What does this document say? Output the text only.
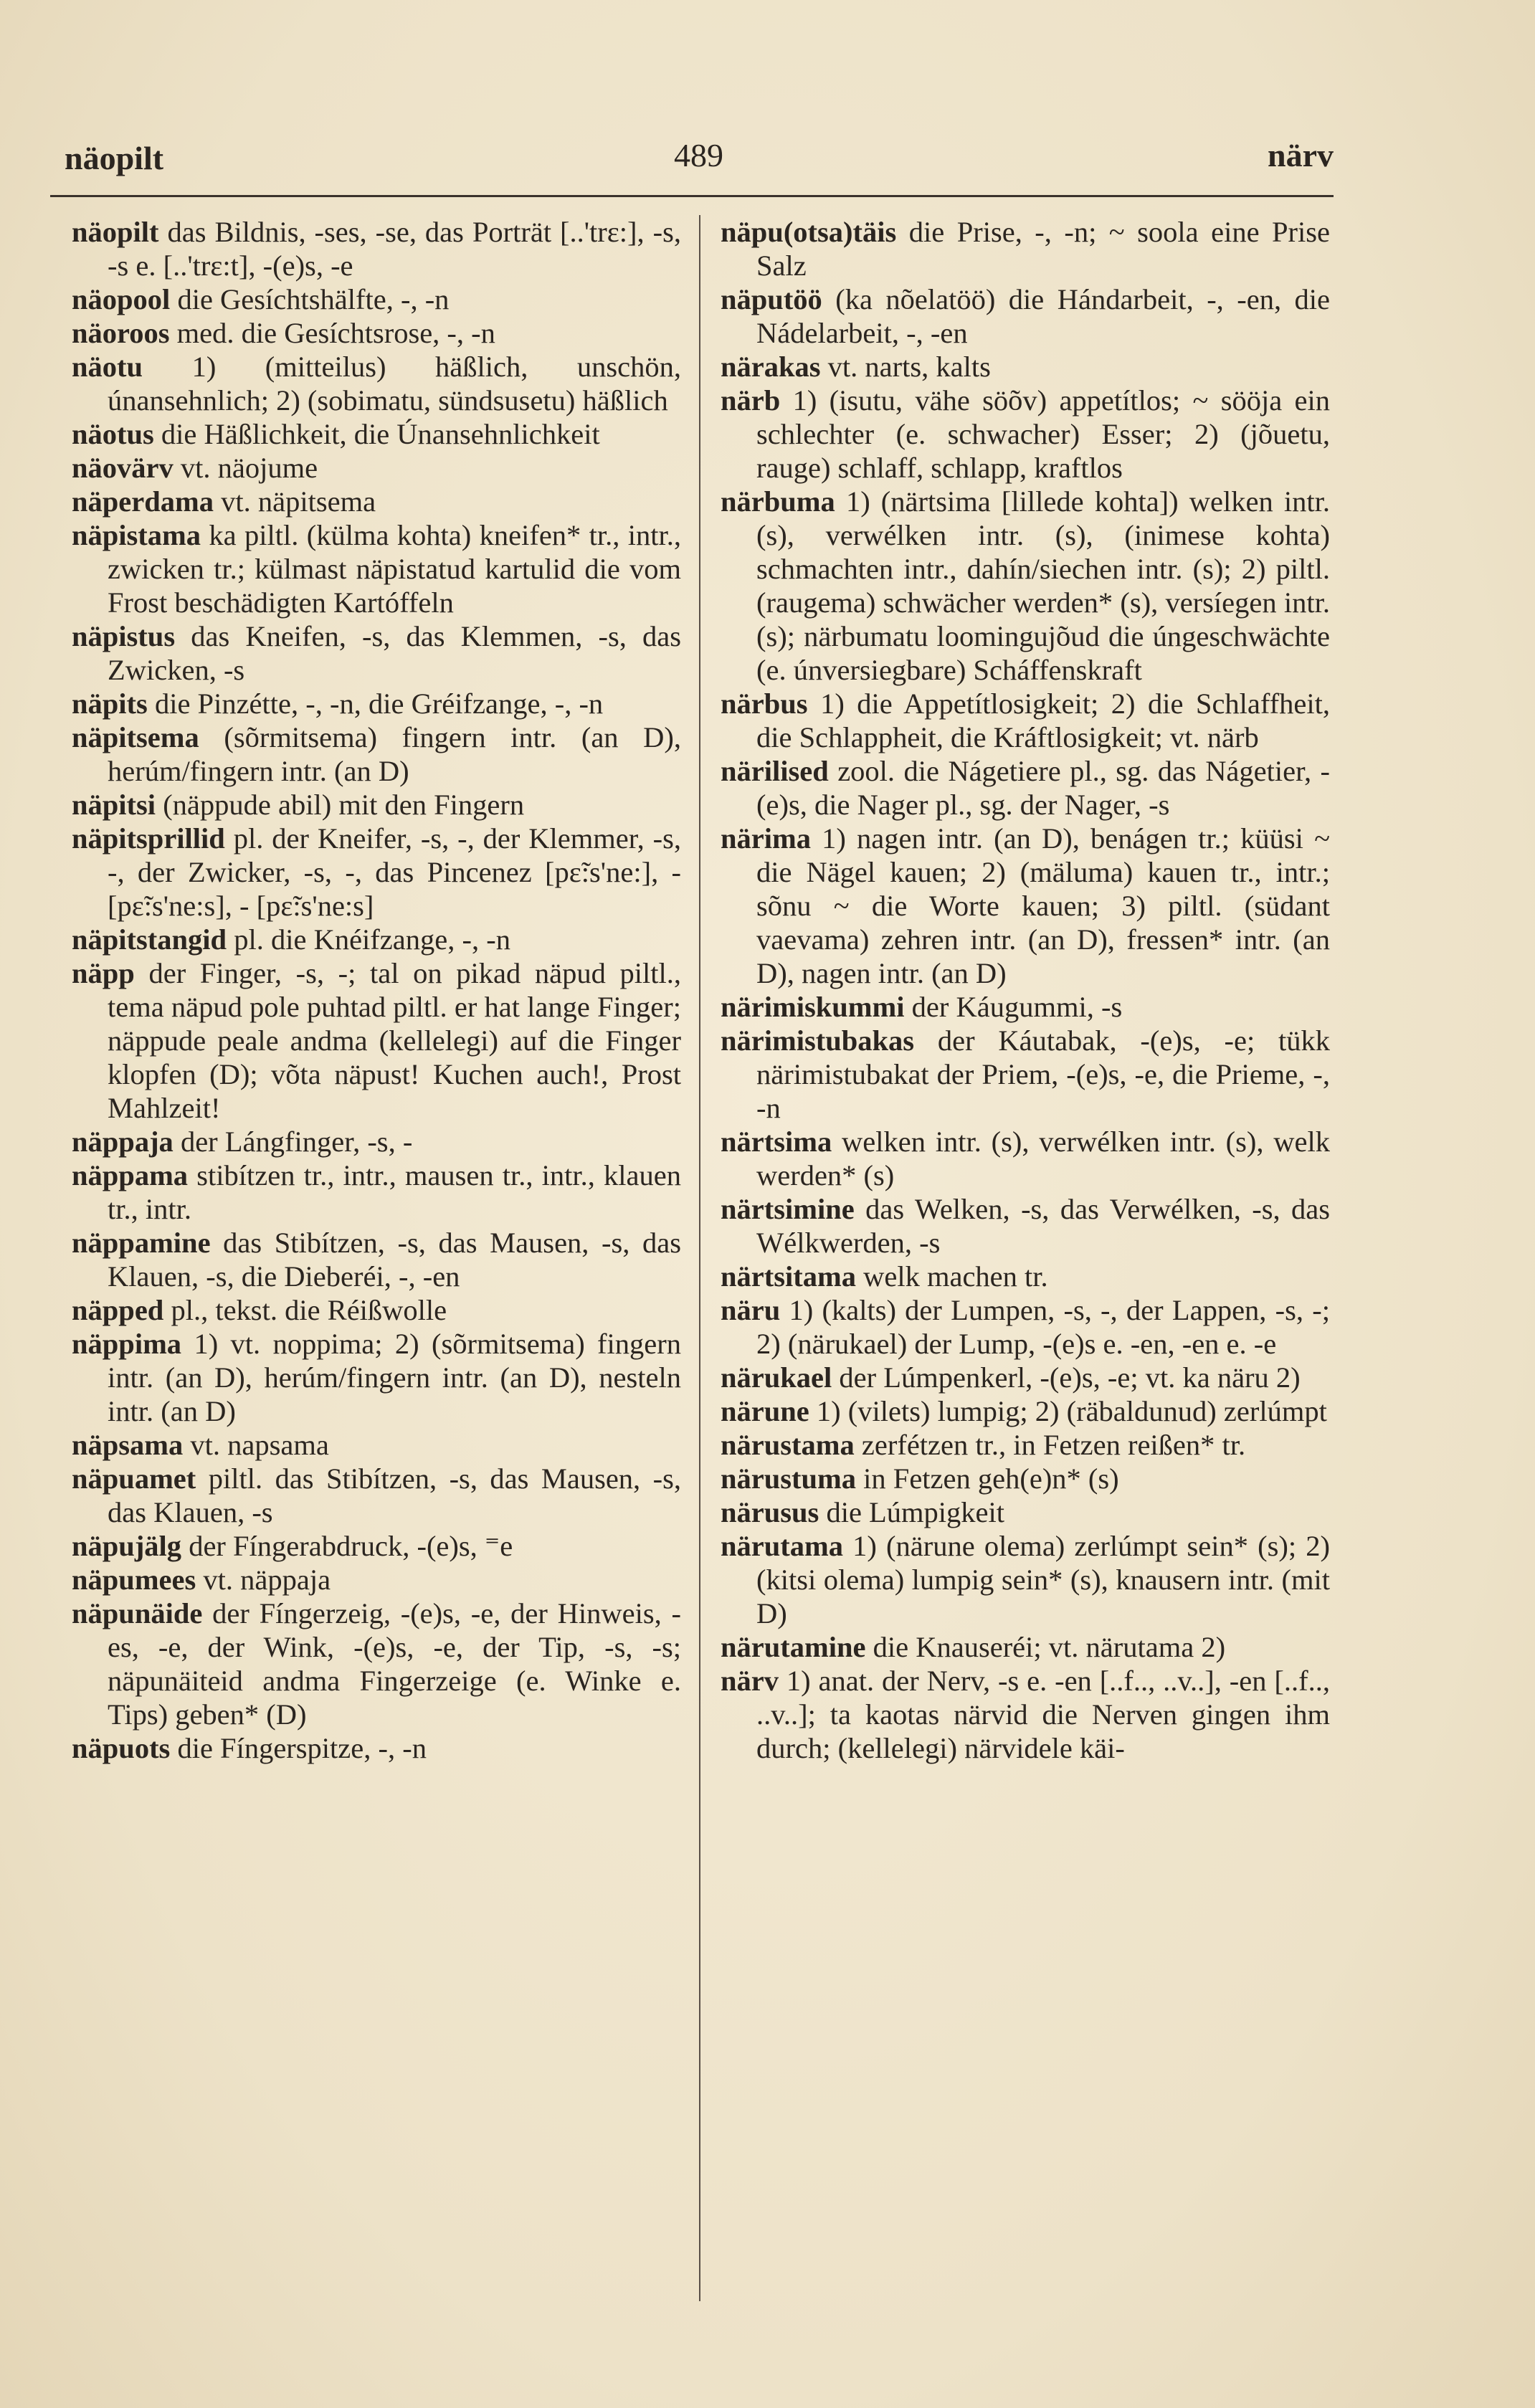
näopilt	489	närv

näopilt das Bildnis, -ses, -se, das Porträt [..'trɛ:], -s, -s e. [..'trɛ:t], -(e)s, -e

näopool die Gesíchtshälfte, -, -n

näoroos med. die Gesíchtsrose, -, -n

näotu 1) (mitteilus) häßlich, unschön, únansehnlich; 2) (sobimatu, sündsusetu) häßlich

näotus die Häßlichkeit, die Únansehnlichkeit

näovärv vt. näojume

näperdama vt. näpitsema

näpistama ka piltl. (külma kohta) kneifen* tr., intr., zwicken tr.; külmast näpistatud kartulid die vom Frost beschädigten Kartóffeln

näpistus das Kneifen, -s, das Klemmen, -s, das Zwicken, -s

näpits die Pinzétte, -, -n, die Gréifzange, -, -n

näpitsema (sõrmitsema) fingern intr. (an D), herúm/fingern intr. (an D)

näpitsi (näppude abil) mit den Fingern

näpitsprillid pl. der Kneifer, -s, -, der Klemmer, -s, -, der Zwicker, -s, -, das Pincenez [pɛ̃:s'ne:], - [pɛ̃:s'ne:s], - [pɛ̃:s'ne:s]

näpitstangid pl. die Knéifzange, -, -n

näpp der Finger, -s, -; tal on pikad näpud piltl., tema näpud pole puhtad piltl. er hat lange Finger; näppude peale andma (kellelegi) auf die Finger klopfen (D); võta näpust! Kuchen auch!, Prost Mahlzeit!

näppaja der Lángfinger, -s, -

näppama stibítzen tr., intr., mausen tr., intr., klauen tr., intr.

näppamine das Stibítzen, -s, das Mausen, -s, das Klauen, -s, die Dieberéi, -, -en

näpped pl., tekst. die Réißwolle

näppima 1) vt. noppima; 2) (sõrmitsema) fingern intr. (an D), herúm/fingern intr. (an D), nesteln intr. (an D)

näpsama vt. napsama

näpuamet piltl. das Stibítzen, -s, das Mausen, -s, das Klauen, -s

näpujälg der Fíngerabdruck, -(e)s, ⁼e

näpumees vt. näppaja

näpunäide der Fíngerzeig, -(e)s, -e, der Hinweis, -es, -e, der Wink, -(e)s, -e, der Tip, -s, -s; näpunäiteid andma Fingerzeige (e. Winke e. Tips) geben* (D)

näpuots die Fíngerspitze, -, -n

näpu(otsa)täis die Prise, -, -n; ~ soola eine Prise Salz

näputöö (ka nõelatöö) die Hándarbeit, -, -en, die Nádelarbeit, -, -en

närakas vt. narts, kalts

närb 1) (isutu, vähe söõv) appetítlos; ~ sööja ein schlechter (e. schwacher) Esser; 2) (jõuetu, rauge) schlaff, schlapp, kraftlos

närbuma 1) (närtsima [lillede kohta]) welken intr. (s), verwélken intr. (s), (inimese kohta) schmachten intr., dahín/siechen intr. (s); 2) piltl. (raugema) schwächer werden* (s), versíegen intr. (s); närbumatu loomingujõud die úngeschwächte (e. únversiegbare) Scháffenskraft

närbus 1) die Appetítlosigkeit; 2) die Schlaffheit, die Schlappheit, die Kráftlosigkeit; vt. närb

närilised zool. die Nágetiere pl., sg. das Nágetier, -(e)s, die Nager pl., sg. der Nager, -s

närima 1) nagen intr. (an D), benágen tr.; küüsi ~ die Nägel kauen; 2) (mäluma) kauen tr., intr.; sõnu ~ die Worte kauen; 3) piltl. (südant vaevama) zehren intr. (an D), fressen* intr. (an D), nagen intr. (an D)

närimiskummi der Káugummi, -s

närimistubakas der Káutabak, -(e)s, -e; tükk närimistubakat der Priem, -(e)s, -e, die Prieme, -, -n

närtsima welken intr. (s), verwélken intr. (s), welk werden* (s)

närtsimine das Welken, -s, das Verwélken, -s, das Wélkwerden, -s

närtsitama welk machen tr.

näru 1) (kalts) der Lumpen, -s, -, der Lappen, -s, -; 2) (närukael) der Lump, -(e)s e. -en, -en e. -e

närukael der Lúmpenkerl, -(e)s, -e; vt. ka näru 2)

närune 1) (vilets) lumpig; 2) (räbaldunud) zerlúmpt

närustama zerfétzen tr., in Fetzen reißen* tr.

närustuma in Fetzen geh(e)n* (s)

närusus die Lúmpigkeit

närutama 1) (närune olema) zerlúmpt sein* (s); 2) (kitsi olema) lumpig sein* (s), knausern intr. (mit D)

närutamine die Knauseréi; vt. närutama 2)

närv 1) anat. der Nerv, -s e. -en [..f.., ..v..], -en [..f.., ..v..]; ta kaotas närvid die Nerven gingen ihm durch; (kellelegi) närvidele käi-
